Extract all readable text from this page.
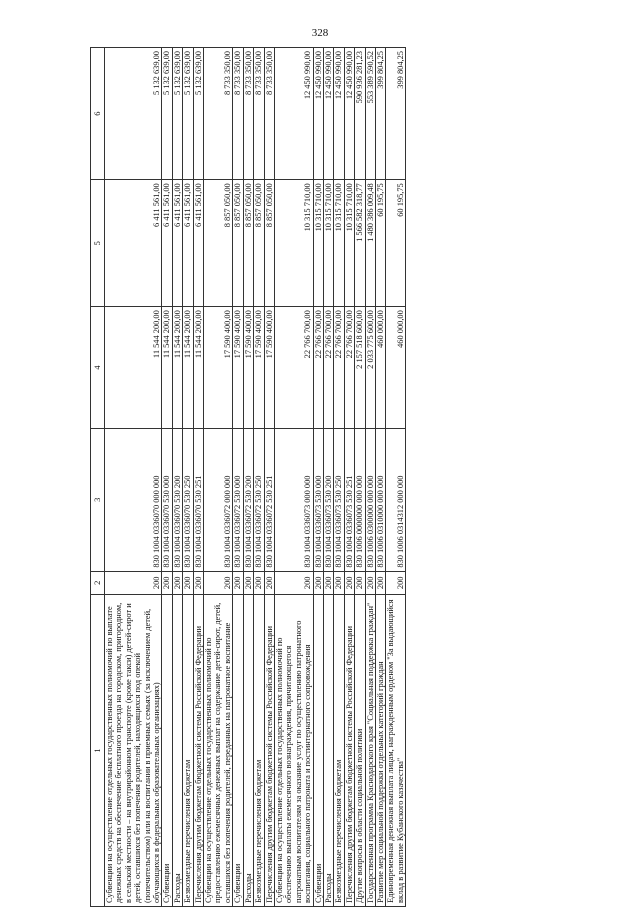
328
1	2	3	4	5	6
Субвенции на осуществление отдельных государственных полномочий по выплате денежных средств на обеспечение бесплатного проезда на городском, пригородном, в сельской местности – на внутрирайонном транспорте (кроме такси) детей-сирот и детей, оставшихся без попечения родителей, находящихся под опекой (попечительством) или на воспитании в приемных семьях (за исключением детей, обучающихся в федеральных образовательных организациях)	200	830 1004 0336070 000 000	11 544 200,00	6 411 561,00	5 132 639,00
Субвенции	200	830 1004 0336070 530 000	11 544 200,00	6 411 561,00	5 132 639,00
Расходы	200	830 1004 0336070 530 200	11 544 200,00	6 411 561,00	5 132 639,00
Безвозмездные перечисления бюджетам	200	830 1004 0336070 530 250	11 544 200,00	6 411 561,00	5 132 639,00
Перечисления другим бюджетам бюджетной системы Российской Федерации	200	830 1004 0336070 530 251	11 544 200,00	6 411 561,00	5 132 639,00
Субвенции на осуществление отдельных государственных полномочий по предоставлению ежемесячных денежных выплат на содержание детей-сирот, детей, оставшихся без попечения родителей, переданных на патронатное воспитание	200	830 1004 0336072 000 000	17 590 400,00	8 857 050,00	8 733 350,00
Субвенции	200	830 1004 0336072 530 000	17 590 400,00	8 857 050,00	8 733 350,00
Расходы	200	830 1004 0336072 530 200	17 590 400,00	8 857 050,00	8 733 350,00
Безвозмездные перечисления бюджетам	200	830 1004 0336072 530 250	17 590 400,00	8 857 050,00	8 733 350,00
Перечисления другим бюджетам бюджетной системы Российской Федерации	200	830 1004 0336072 530 251	17 590 400,00	8 857 050,00	8 733 350,00
Субвенции на осуществление отдельных государственных полномочий по обеспечению выплаты ежемесячного вознаграждения, причитающегося патронатным воспитателям за оказание услуг по осуществлению патронатного воспитания, социального патроната и постинтернатного сопровождения	200	830 1004 0336073 000 000	22 766 700,00	10 315 710,00	12 450 990,00
Субвенции	200	830 1004 0336073 530 000	22 766 700,00	10 315 710,00	12 450 990,00
Расходы	200	830 1004 0336073 530 200	22 766 700,00	10 315 710,00	12 450 990,00
Безвозмездные перечисления бюджетам	200	830 1004 0336073 530 250	22 766 700,00	10 315 710,00	12 450 990,00
Перечисления другим бюджетам бюджетной системы Российской Федерации	200	830 1004 0336073 530 251	22 766 700,00	10 315 710,00	12 450 990,00
Другие вопросы в области социальной политики	200	830 1006 0000000 000 000	2 157 518 600,00	1 566 582 318,77	590 936 281,23
Государственная программа Краснодарского края "Социальная поддержка граждан"	200	830 1006 0300000 000 000	2 033 775 600,00	1 480 386 009,48	553 389 590,52
Развитие мер социальной поддержки отдельных категорий граждан	200	830 1006 0310000 000 000	460 000,00	60 195,75	399 804,25
Единовременная денежная выплата лицам, награжденным орденом "За выдающийся вклад в развитие Кубанского казачества"	200	830 1006 0314312 000 000	460 000,00	60 195,75	399 804,25
